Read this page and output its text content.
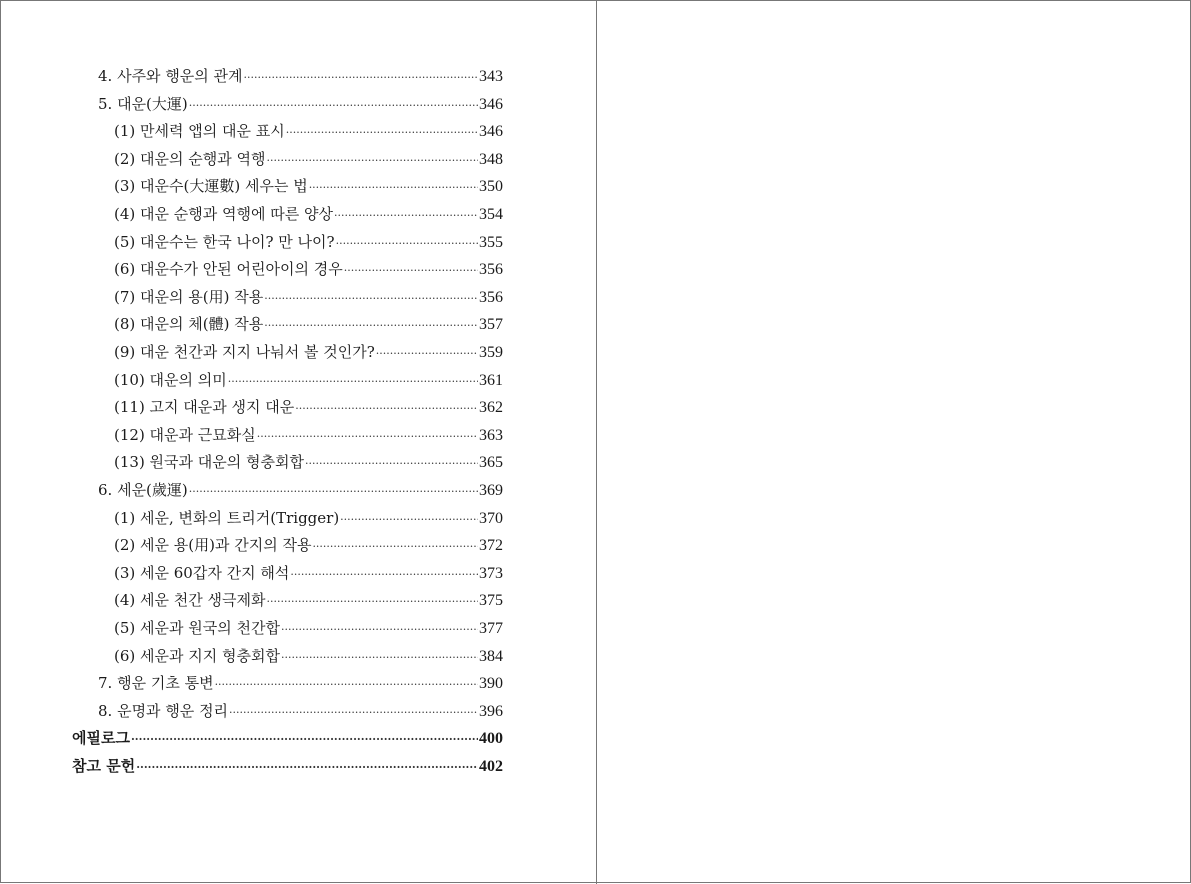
4. 사주와 행운의 관계 ·····	343
5. 대운(大運) ·····	346
(1) 만세력 앱의 대운 표시 ·····	346
(2) 대운의 순행과 역행 ·····	348
(3) 대운수(大運數) 세우는 법 ·····	350
(4) 대운 순행과 역행에 따른 양상 ·····	354
(5) 대운수는 한국 나이? 만 나이? ·····	355
(6) 대운수가 안된 어린아이의 경우 ·····	356
(7) 대운의 용(用) 작용 ·····	356
(8) 대운의 체(體) 작용 ·····	357
(9) 대운 천간과 지지 나눠서 볼 것인가? ·····	359
(10) 대운의 의미 ·····	361
(11) 고지 대운과 생지 대운 ·····	362
(12) 대운과 근묘화실 ·····	363
(13) 원국과 대운의 형충회합 ·····	365
6. 세운(歲運) ·····	369
(1) 세운, 변화의 트리거(Trigger) ·····	370
(2) 세운 용(用)과 간지의 작용 ·····	372
(3) 세운 60갑자 간지 해석 ·····	373
(4) 세운 천간 생극제화 ·····	375
(5) 세운과 원국의 천간합 ·····	377
(6) 세운과 지지 형충회합 ·····	384
7. 행운 기초 통변 ·····	390
8. 운명과 행운 정리 ·····	396
에필로그 ·····	400
참고 문헌 ·····	402
